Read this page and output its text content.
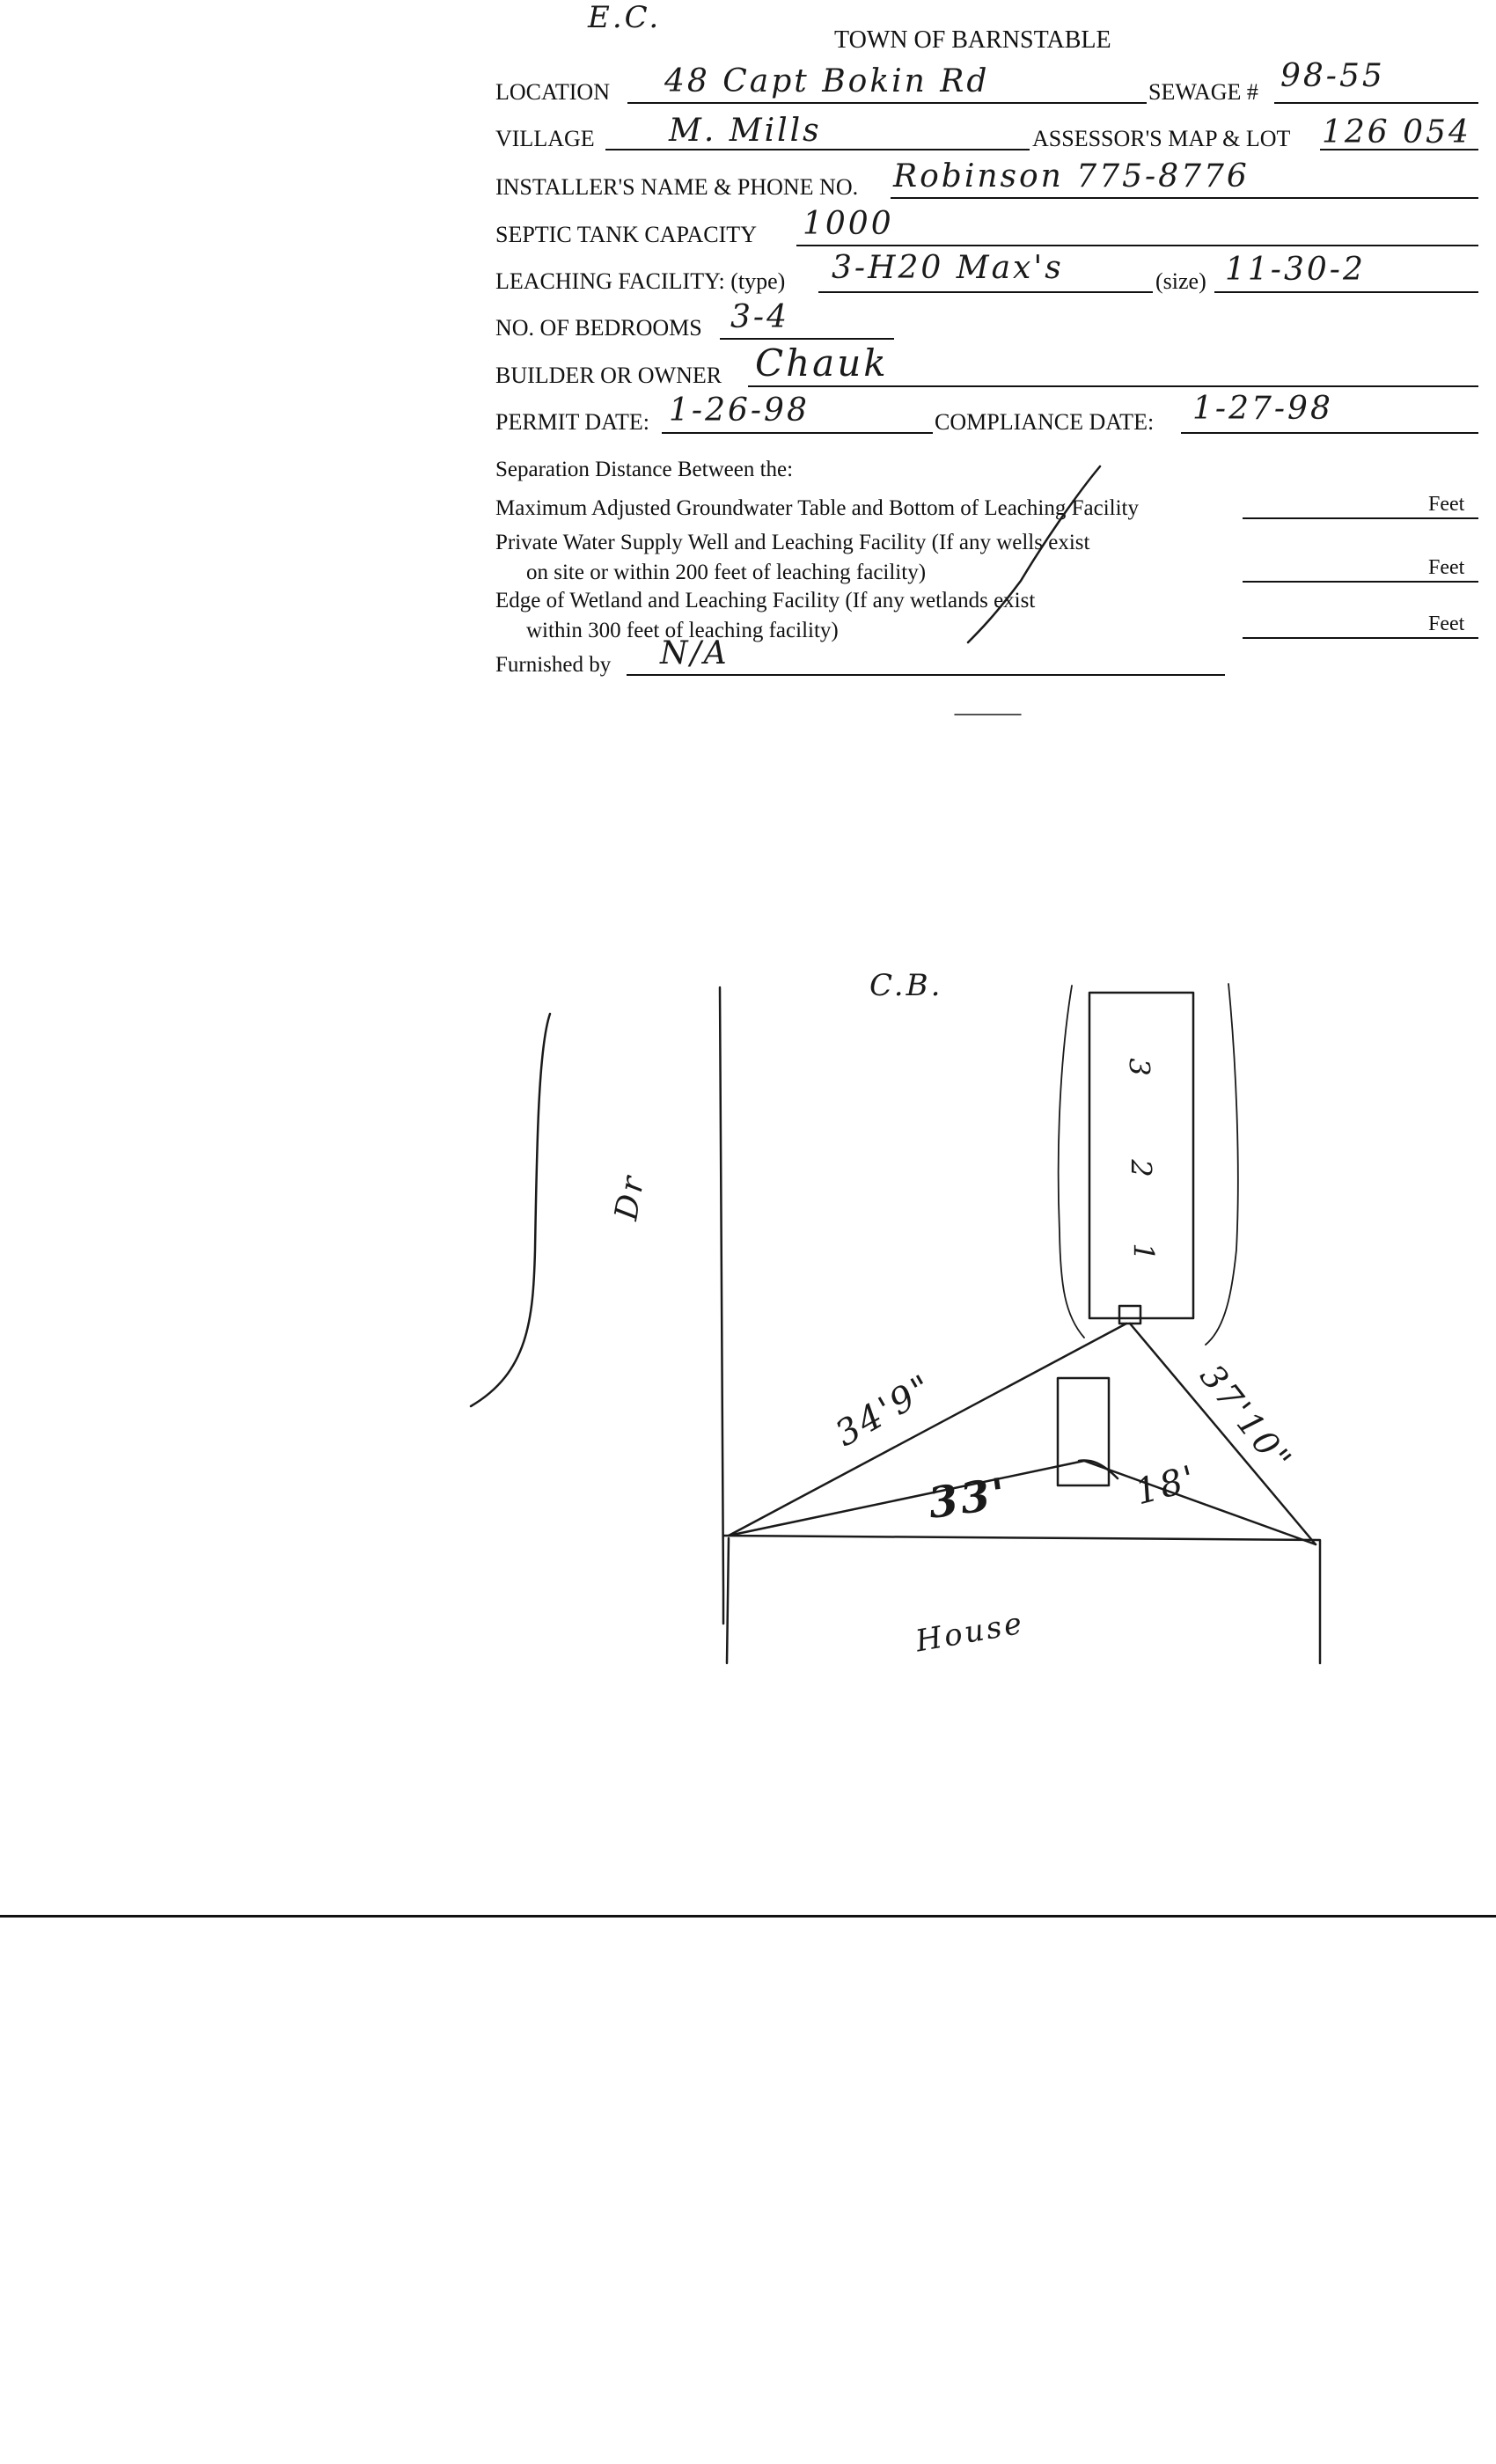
E.C.
TOWN OF BARNSTABLE
LOCATION 48 Capt Bokin Rd	SEWAGE # 98-55
VILLAGE M. Mills	ASSESSOR'S MAP & LOT 126 054
INSTALLER'S NAME & PHONE NO. Robinson 775-8776
SEPTIC TANK CAPACITY 1000
LEACHING FACILITY: (type) 3-H20 Max's	(size) 11-30-2
NO. OF BEDROOMS 3-4
BUILDER OR OWNER Chauk
PERMIT DATE: 1-26-98	COMPLIANCE DATE: 1-27-98
Separation Distance Between the:
Maximum Adjusted Groundwater Table and Bottom of Leaching Facility	Feet
Private Water Supply Well and Leaching Facility (If any wells exist
on site or within 200 feet of leaching facility)	Feet
Edge of Wetland and Leaching Facility (If any wetlands exist
within 300 feet of leaching facility)	Feet
Furnished by N/A
C.B.
Dr
3
2
1
34'9"	37'10"
33'	18'
House
